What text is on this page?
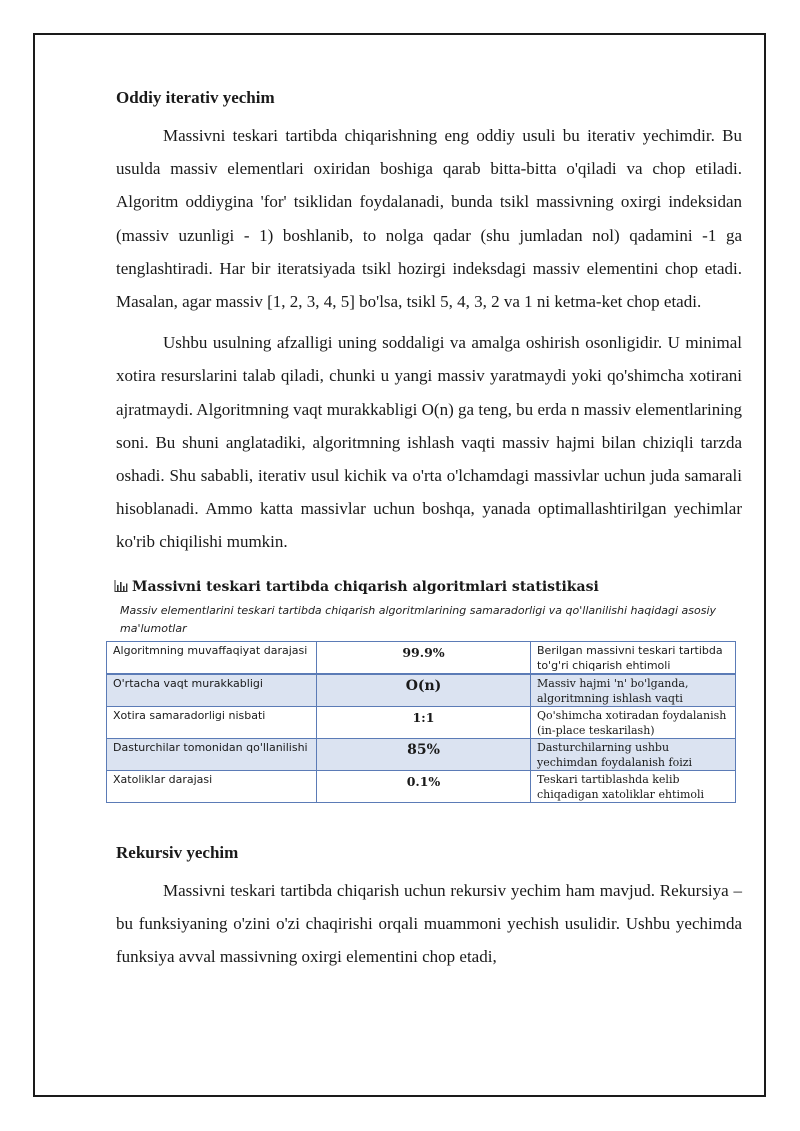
Oddiy iterativ yechim

Massivni teskari tartibda chiqarishning eng oddiy usuli bu iterativ yechimdir. Bu usulda massiv elementlari oxiridan boshiga qarab bitta-bitta o'qiladi va chop etiladi. Algoritm oddiygina 'for' tsiklidan foydalanadi, bunda tsikl massivning oxirgi indeksidan (massiv uzunligi - 1) boshlanib, to nolga qadar (shu jumladan nol) qadamini -1 ga tenglashtiradi. Har bir iteratsiyada tsikl hozirgi indeksdagi massiv elementini chop etadi. Masalan, agar massiv [1, 2, 3, 4, 5] bo'lsa, tsikl 5, 4, 3, 2 va 1 ni ketma-ket chop etadi.

Ushbu usulning afzalligi uning soddaligi va amalga oshirish osonligidir. U minimal xotira resurslarini talab qiladi, chunki u yangi massiv yaratmaydi yoki qo'shimcha xotirani ajratmaydi. Algoritmning vaqt murakkabligi O(n) ga teng, bu erda n massiv elementlarining soni. Bu shuni anglatadiki, algoritmning ishlash vaqti massiv hajmi bilan chiziqli tarzda oshadi. Shu sababli, iterativ usul kichik va o'rta o'lchamdagi massivlar uchun juda samarali hisoblanadi. Ammo katta massivlar uchun boshqa, yanada optimallashtirilgan yechimlar ko'rib chiqilishi mumkin.

Massivni teskari tartibda chiqarish algoritmlari statistikasi
Massiv elementlarini teskari tartibda chiqarish algoritmlarining samaradorligi va qo'llanilishi haqidagi asosiy ma'lumotlar
Algoritmning muvaffaqiyat darajasi	99.9%	Berilgan massivni teskari tartibda to'g'ri chiqarish ehtimoli
O'rtacha vaqt murakkabligi	O(n)	Massiv hajmi 'n' bo'lganda, algoritmning ishlash vaqti
Xotira samaradorligi nisbati	1:1	Qo'shimcha xotiradan foydalanish (in-place teskarilash)
Dasturchilar tomonidan qo'llanilishi	85%	Dasturchilarning ushbu yechimdan foydalanish foizi
Xatoliklar darajasi	0.1%	Teskari tartiblashda kelib chiqadigan xatoliklar ehtimoli
Rekursiv yechim

Massivni teskari tartibda chiqarish uchun rekursiv yechim ham mavjud. Rekursiya – bu funksiyaning o'zini o'zi chaqirishi orqali muammoni yechish usulidir. Ushbu yechimda funksiya avval massivning oxirgi elementini chop etadi,
